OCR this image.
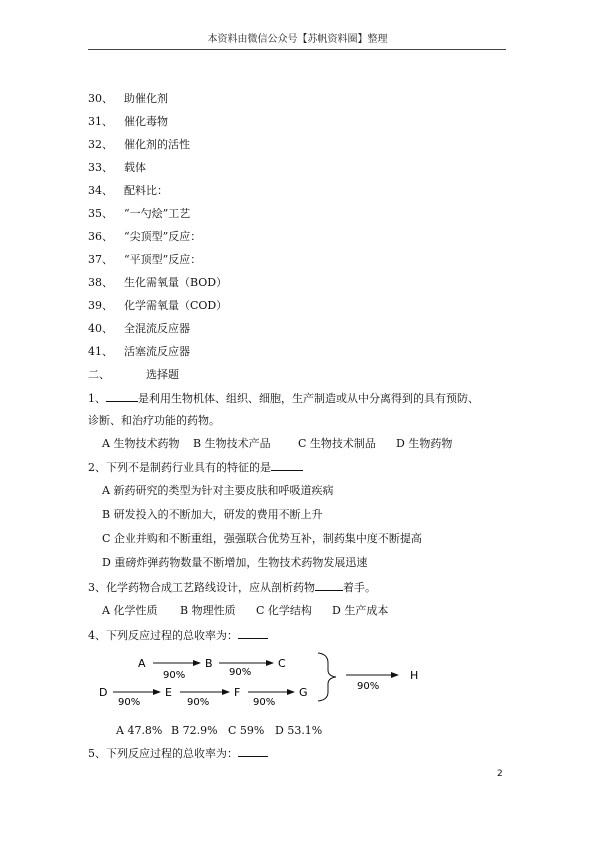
本资料由微信公众号【苏帆资料圈】整理
30、 助催化剂
31、 催化毒物
32、 催化剂的活性
33、 载体
34、 配料比：
35、 “一勺烩”工艺
36、 “尖顶型”反应：
37、 “平顶型”反应：
38、 生化需氧量（BOD）
39、 化学需氧量（COD）
40、 全混流反应器
41、 活塞流反应器
二、	选择题
1、	是利用生物机体、组织、细胞，生产制造或从中分离得到的具有预防、
诊断、和治疗功能的药物。
A 生物技术药物 B 生物技术产品 C 生物技术制品 D 生物药物
2、下列不是制药行业具有的特征的是
A 新药研究的类型为针对主要皮肤和呼吸道疾病
B 研发投入的不断加大，研发的费用不断上升
C 企业并购和不断重组，强强联合优势互补，制药集中度不断提高
D 重磅炸弹药物数量不断增加，生物技术药物发展迅速
3、化学药物合成工艺路线设计，应从剖析药物	着手。
A 化学性质 B 物理性质 C 化学结构 D 生产成本
4、下列反应过程的总收率为：
A
90%
B
90%
C
D
90%
E
90%
F
90%
G	90%
H
A 47.8% B 72.9% C 59% D 53.1%
5、下列反应过程的总收率为：
2
